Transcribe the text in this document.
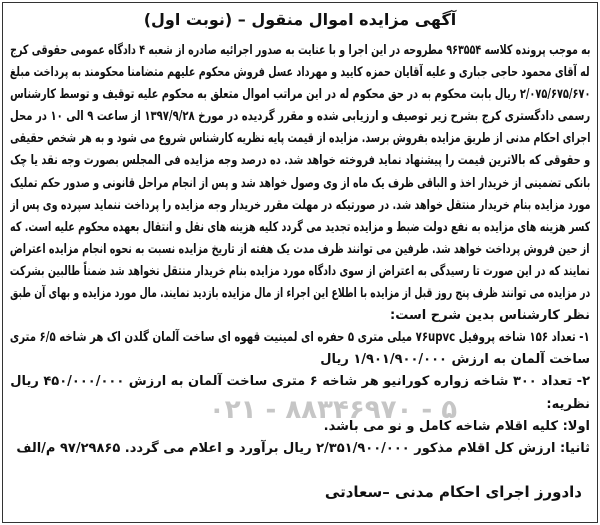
آگهی مزایده اموال منقول – (نوبت اول)
۰۲۱ - ۸۸۳۴۶۹۷۰ - ۵
به موجب پرونده کلاسه ۹۶۳۵۵۴ مطروحه در این اجرا و با عنایت به صدور اجرائیه صادره از شعبه ۴ دادگاه عمومی حقوقی کرج
له آقای محمود حاجی جباری و علیه آقایان حمزه کایید و مهرداد عسل فروش محکوم علیهم متضامنا محکومند به پرداخت مبلغ
۲/۰۷۵/۶۷۵/۶۷۰ ریال بابت محکوم به در حق محکوم له در این مراتب اموال متعلق به محکوم علیه توقیف و توسط کارشناس
رسمی دادگستری کرج بشرح زیر توصیف و ارزیابی شده و مقرر گردیده در مورخ ۱۳۹۷/۹/۲۸ از ساعت ۹ الی ۱۰ در محل
اجرای احکام مدنی از طریق مزایده بفروش برسد. مزایده از قیمت پایه نظریه کارشناس شروع می شود و به هر شخص حقیقی
و حقوقی که بالاترین قیمت را پیشنهاد نماید فروخته خواهد شد. ده درصد وجه مزایده فی المجلس بصورت وجه نقد یا چک
بانکی تضمینی از خریدار اخذ و الباقی ظرف یک ماه از وی وصول خواهد شد و پس از انجام مراحل قانونی و صدور حکم تملیک
مورد مزایده بنام خریدار منتقل خواهد شد. در صورتیکه در مهلت مقرر خریدار وجه مزایده را پرداخت ننماید سپرده وی پس از
کسر هزینه های مزایده به نفع دولت ضبط و مزایده تجدید می گردد کلیه هزینه های نقل و انتقال بعهده محکوم علیه است. که
از حین فروش پرداخت خواهد شد. طرفین می توانند ظرف مدت یک هفته از تاریخ مزایده نسبت به نحوه انجام مزایده اعتراض
نمایند که در این صورت تا رسیدگی به اعتراض از سوی دادگاه مورد مزایده بنام خریدار منتقل نخواهد شد ضمناً طالبین بشرکت
در مزایده می توانند ظرف پنج روز قبل از مزایده با اطلاع این اجراء از مال مزایده بازدید نمایند. مال مورد مزایده و بهای آن طبق
نظر کارشناس بدین شرح است:
۱- تعداد ۱۵۶ شاخه پروفیل ۷۶upvc میلی متری ۵ حفره ای لمینیت قهوه ای ساخت آلمان گلدن اک هر شاخه ۶/۵ متری
ساخت آلمان به ارزش ۱/۹۰۱/۹۰۰/۰۰۰ ریال
۲- تعداد ۳۰۰ شاخه زواره کورانیو هر شاخه ۶ متری ساخت آلمان به ارزش ۴۵۰/۰۰۰/۰۰۰ ریال
نظریه:
اولا: کلیه اقلام شاخه کامل و نو می باشد.
ثانیا: ارزش کل اقلام مذکور ۲/۳۵۱/۹۰۰/۰۰۰ ریال برآورد و اعلام می گردد. ۹۷/۲۹۸۶۵ م/الف
دادورز اجرای احکام مدنی –سعادتی
